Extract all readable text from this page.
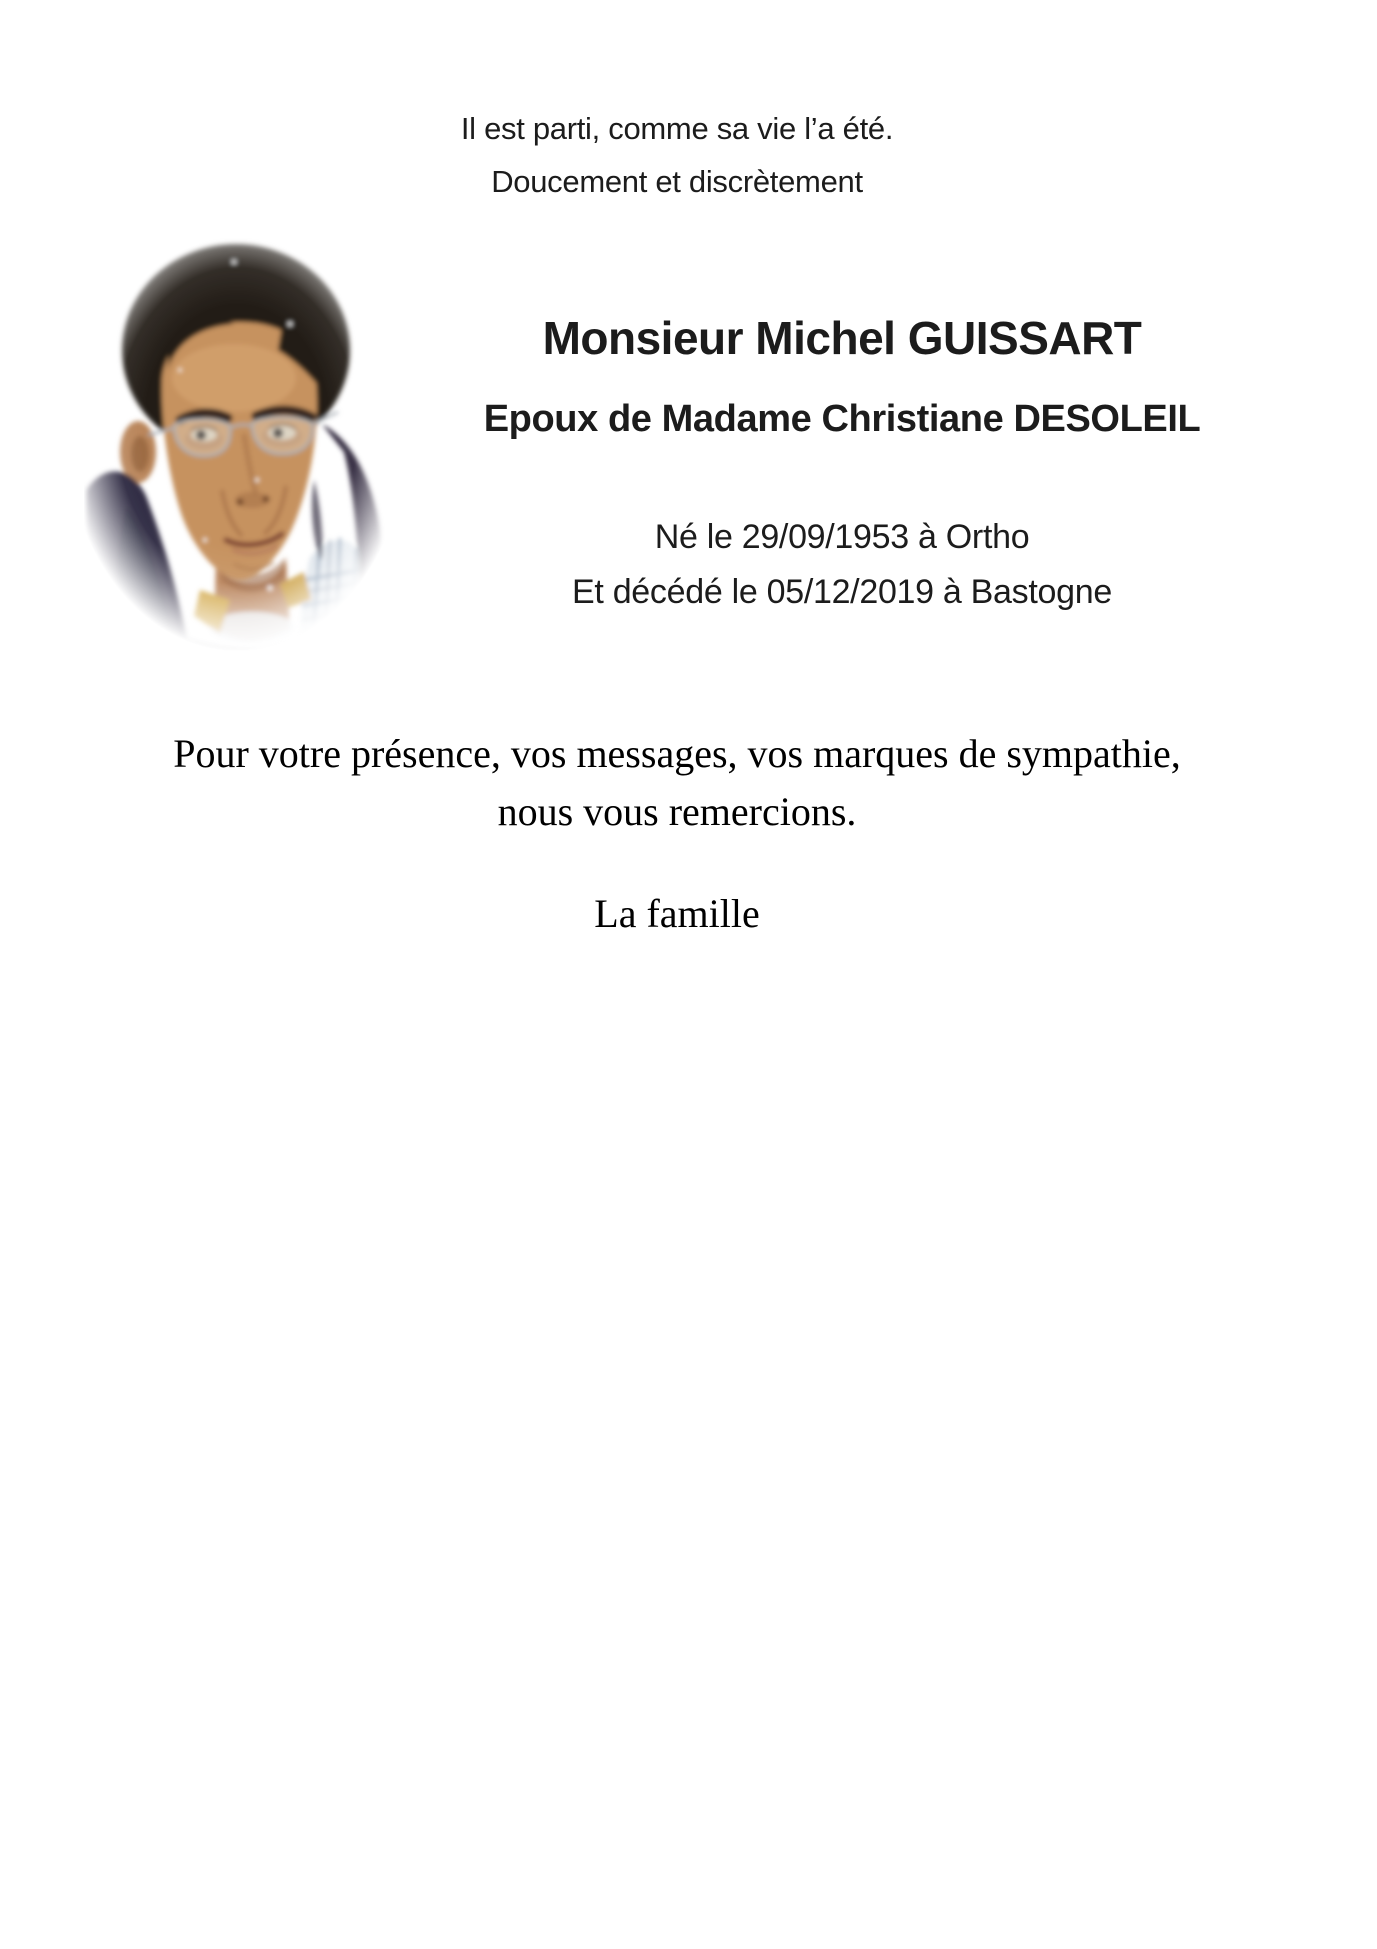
Il est parti, comme sa vie l’a été.
Doucement et discrètement
Monsieur Michel GUISSART
Epoux de Madame Christiane DESOLEIL
Né le 29/09/1953 à Ortho
Et décédé le 05/12/2019 à Bastogne
Pour votre présence, vos messages, vos marques de sympathie,
nous vous remercions.
La famille
